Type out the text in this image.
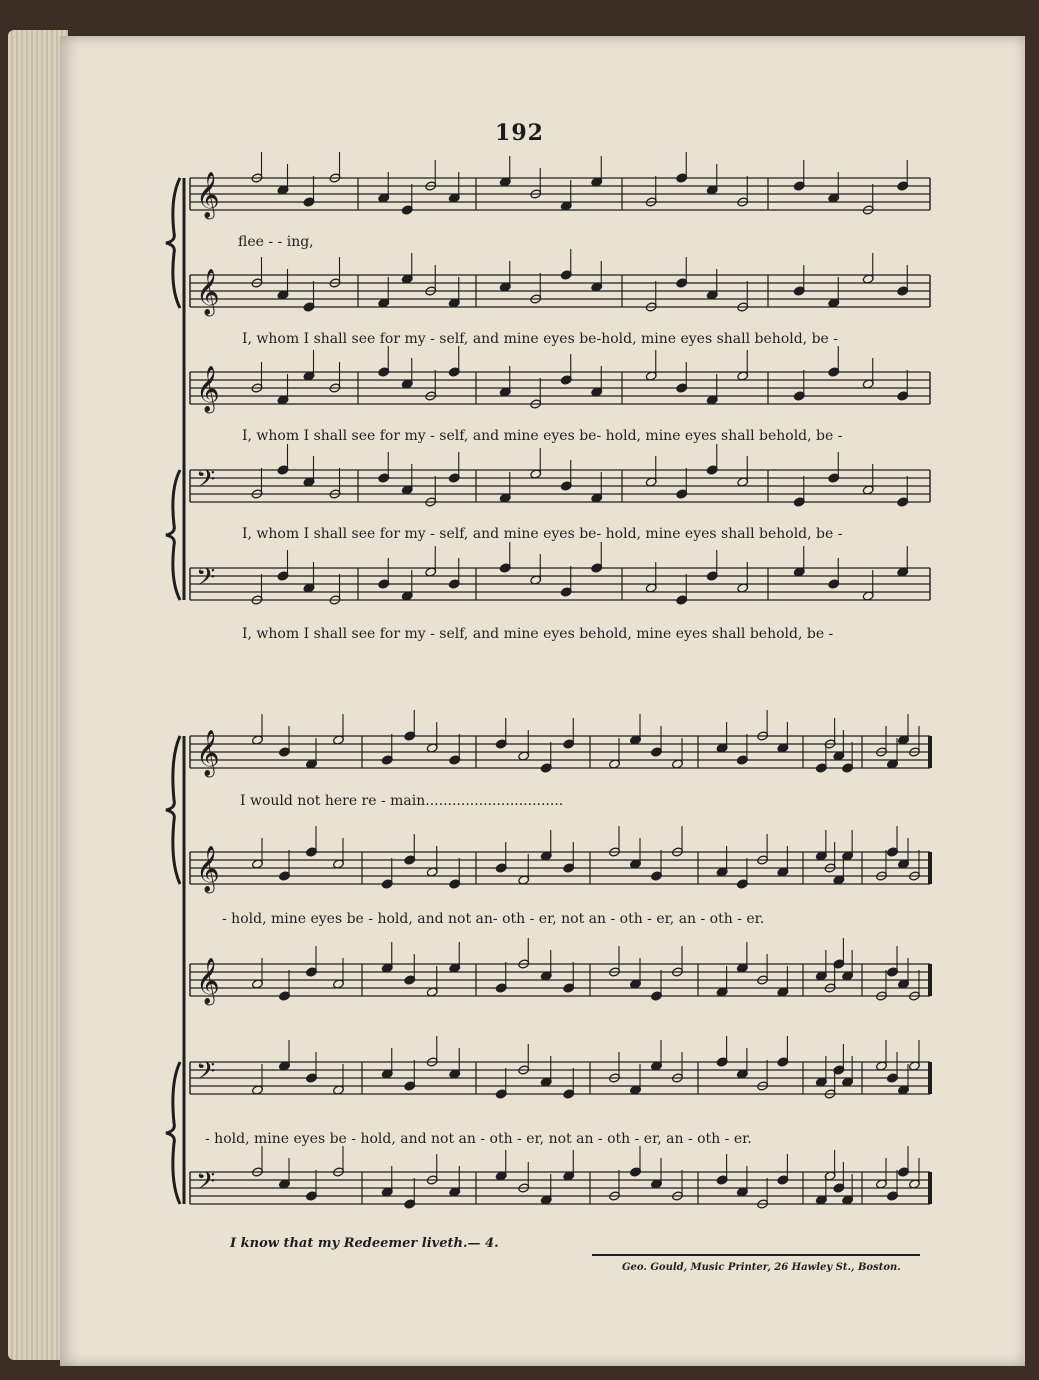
192
𝄞
𝄞
𝄞
𝄢
𝄢
𝄞
𝄞
𝄞
𝄢
𝄢
flee - - ing,
I, whom I shall see for my - self, and mine eyes be-hold, mine eyes shall behold, be -
I, whom I shall see for my - self, and mine eyes be- hold, mine eyes shall behold, be -
I, whom I shall see for my - self, and mine eyes be- hold, mine eyes shall behold, be -
I, whom I shall see for my - self, and mine eyes behold, mine eyes shall behold, be -
I would not here re - main...............................
- hold, mine eyes be - hold, and not an- oth - er, not an - oth - er, an - oth - er.
- hold, mine eyes be - hold, and not an - oth - er, not an - oth - er, an - oth - er.
I know that my Redeemer liveth.— 4.
Geo. Gould, Music Printer, 26 Hawley St., Boston.
